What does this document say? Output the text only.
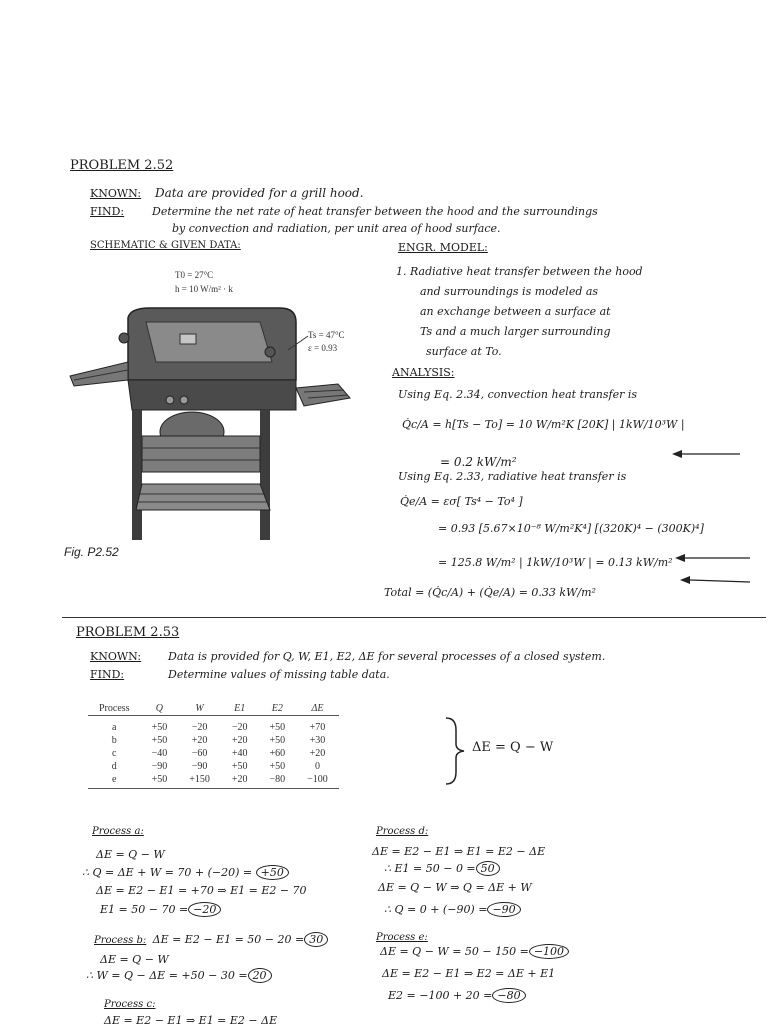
PROBLEM 2.52
KNOWN: Data are provided for a grill hood.
FIND:	Determine the net rate of heat transfer between the hood and the surroundings
by convection and radiation, per unit area of hood surface.
SCHEMATIC & GIVEN DATA:	ENGR. MODEL:
1. Radiative heat transfer between the hood
and surroundings is modeled as
an exchange between a surface at
Ts and a much larger surrounding
surface at To.
T0 = 27°C
h = 10 W/m² · k
Ts = 47°C
ε = 0.93
Fig. P2.52
ANALYSIS:
Using Eq. 2.34, convection heat transfer is
Q̇c/A = h[Ts − To] = 10 W/m²K [20K] | 1kW/10³W |
= 0.2 kW/m²
Using Eq. 2.33, radiative heat transfer is
Q̇e/A = εσ[ Ts⁴ − To⁴ ]
= 0.93 [5.67×10⁻⁸ W/m²K⁴] [(320K)⁴ − (300K)⁴]
= 125.8 W/m² | 1kW/10³W | = 0.13 kW/m²
Total = (Q̇c/A) + (Q̇e/A) = 0.33 kW/m²
PROBLEM 2.53
KNOWN: Data is provided for Q, W, E1, E2, ΔE for several processes of a closed system.
FIND:	Determine values of missing table data.
Process	Q	W	E1	E2	ΔE
a	+50	−20	−20	+50	+70
b	+50	+20	+20	+50	+30
c	−40	−60	+40	+60	+20
d	−90	−90	+50	+50	0
e	+50	+150	+20	−80	−100
ΔE = Q − W
Process a:
ΔE = Q − W
∴ Q = ΔE + W = 70 + (−20) = +50
ΔE = E2 − E1 = +70 ⇒ E1 = E2 − 70
E1 = 50 − 70 = −20
Process b: ΔE = E2 − E1 = 50 − 20 = 30
ΔE = Q − W
∴ W = Q − ΔE = +50 − 30 = 20
Process c:
ΔE = E2 − E1 ⇒ E1 = E2 − ΔE
Process d:
ΔE = E2 − E1 ⇒ E1 = E2 − ΔE
∴ E1 = 50 − 0 = 50
ΔE = Q − W ⇒ Q = ΔE + W
∴ Q = 0 + (−90) = −90
Process e:
ΔE = Q − W = 50 − 150 = −100
ΔE = E2 − E1 ⇒ E2 = ΔE + E1
E2 = −100 + 20 = −80
